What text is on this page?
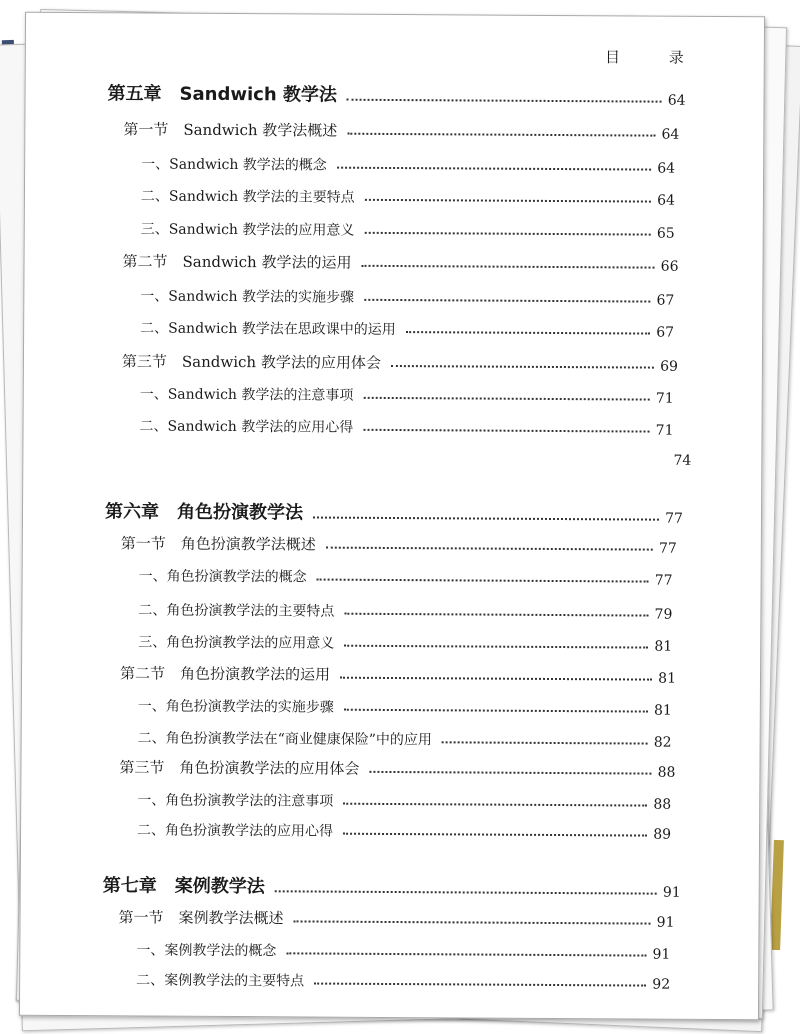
目 录
第五章　Sandwich 教学法	64
第一节　Sandwich 教学法概述	64
一、Sandwich 教学法的概念	64
二、Sandwich 教学法的主要特点	64
三、Sandwich 教学法的应用意义	65
第二节　Sandwich 教学法的运用	66
一、Sandwich 教学法的实施步骤	67
二、Sandwich 教学法在思政课中的运用	67
第三节　Sandwich 教学法的应用体会	69
一、Sandwich 教学法的注意事项	71
二、Sandwich 教学法的应用心得	71
74
第六章　角色扮演教学法	77
第一节　角色扮演教学法概述	77
一、角色扮演教学法的概念	77
二、角色扮演教学法的主要特点	79
三、角色扮演教学法的应用意义	81
第二节　角色扮演教学法的运用	81
一、角色扮演教学法的实施步骤	81
二、角色扮演教学法在“商业健康保险”中的应用	82
第三节　角色扮演教学法的应用体会	88
一、角色扮演教学法的注意事项	88
二、角色扮演教学法的应用心得	89
第七章　案例教学法	91
第一节　案例教学法概述	91
一、案例教学法的概念	91
二、案例教学法的主要特点	92
